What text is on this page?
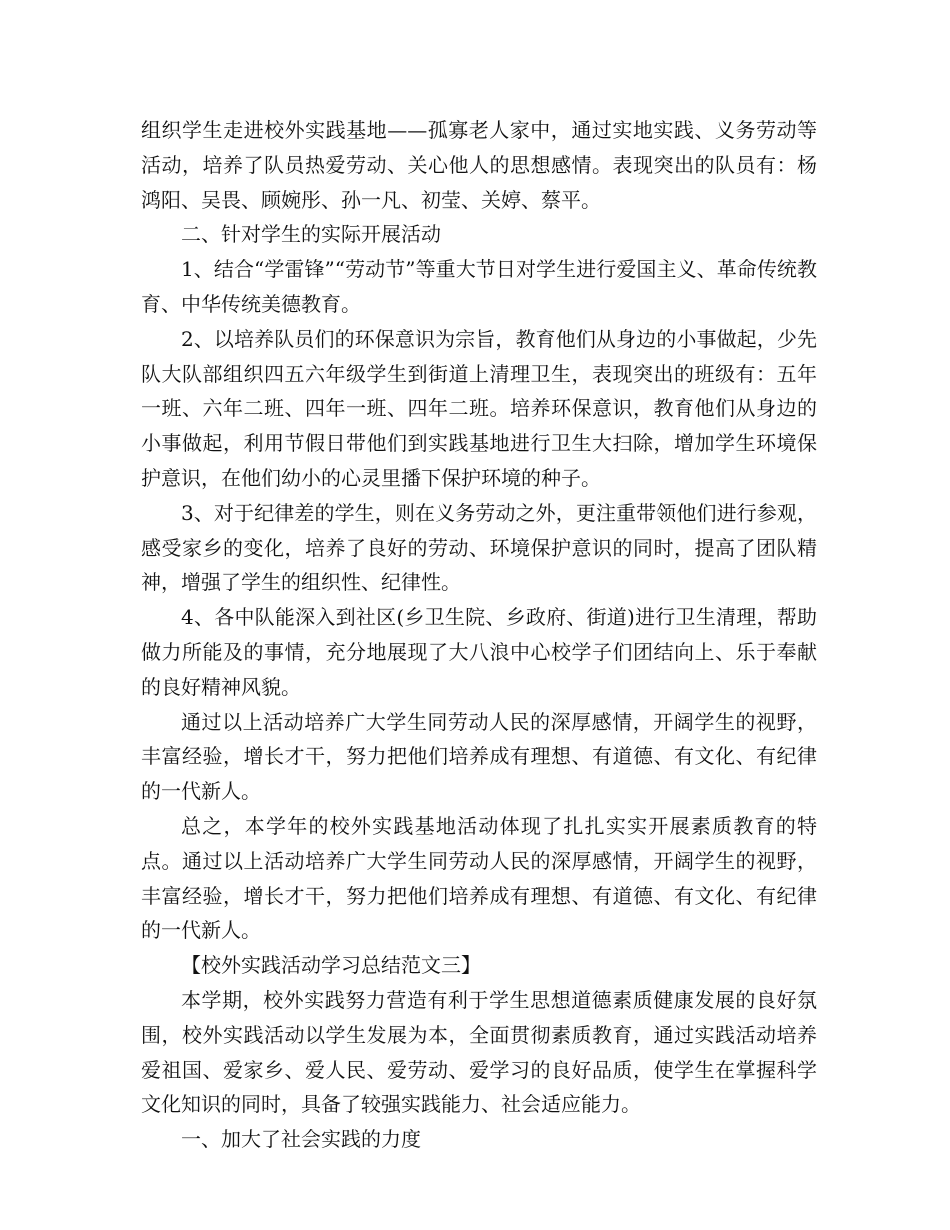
组织学生走进校外实践基地——孤寡老人家中，通过实地实践、义务劳动等活动，培养了队员热爱劳动、关心他人的思想感情。表现突出的队员有：杨鸿阳、吴畏、顾婉彤、孙一凡、初莹、关婷、蔡平。

二、针对学生的实际开展活动

1、结合“学雷锋”“劳动节”等重大节日对学生进行爱国主义、革命传统教育、中华传统美德教育。

2、以培养队员们的环保意识为宗旨，教育他们从身边的小事做起，少先队大队部组织四五六年级学生到街道上清理卫生，表现突出的班级有：五年一班、六年二班、四年一班、四年二班。培养环保意识，教育他们从身边的小事做起，利用节假日带他们到实践基地进行卫生大扫除，增加学生环境保护意识，在他们幼小的心灵里播下保护环境的种子。

3、对于纪律差的学生，则在义务劳动之外，更注重带领他们进行参观，感受家乡的变化，培养了良好的劳动、环境保护意识的同时，提高了团队精神，增强了学生的组织性、纪律性。

4、各中队能深入到社区(乡卫生院、乡政府、街道)进行卫生清理，帮助做力所能及的事情，充分地展现了大八浪中心校学子们团结向上、乐于奉献的良好精神风貌。

通过以上活动培养广大学生同劳动人民的深厚感情，开阔学生的视野，丰富经验，增长才干，努力把他们培养成有理想、有道德、有文化、有纪律的一代新人。

总之，本学年的校外实践基地活动体现了扎扎实实开展素质教育的特点。通过以上活动培养广大学生同劳动人民的深厚感情，开阔学生的视野，丰富经验，增长才干，努力把他们培养成有理想、有道德、有文化、有纪律的一代新人。

【校外实践活动学习总结范文三】

本学期，校外实践努力营造有利于学生思想道德素质健康发展的良好氛围，校外实践活动以学生发展为本，全面贯彻素质教育，通过实践活动培养爱祖国、爱家乡、爱人民、爱劳动、爱学习的良好品质，使学生在掌握科学文化知识的同时，具备了较强实践能力、社会适应能力。

一、加大了社会实践的力度
